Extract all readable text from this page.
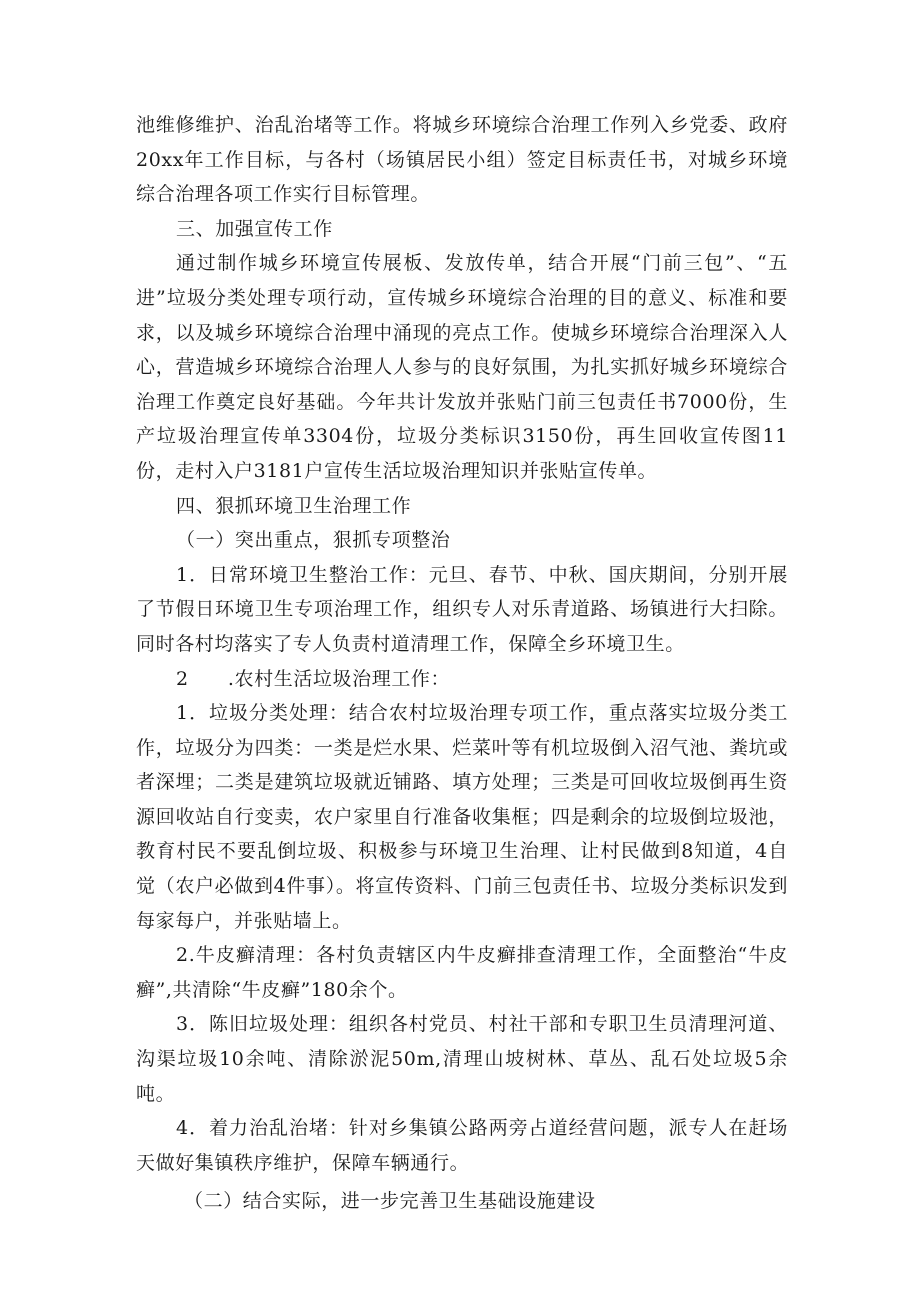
池维修维护、治乱治堵等工作。将城乡环境综合治理工作列入乡党委、政府20xx年工作目标，与各村（场镇居民小组）签定目标责任书，对城乡环境综合治理各项工作实行目标管理。

三、加强宣传工作

通过制作城乡环境宣传展板、发放传单，结合开展“门前三包”、“五进”垃圾分类处理专项行动，宣传城乡环境综合治理的目的意义、标准和要求，以及城乡环境综合治理中涌现的亮点工作。使城乡环境综合治理深入人心，营造城乡环境综合治理人人参与的良好氛围，为扎实抓好城乡环境综合治理工作奠定良好基础。今年共计发放并张贴门前三包责任书7000份，生产垃圾治理宣传单3304份，垃圾分类标识3150份，再生回收宣传图11份，走村入户3181户宣传生活垃圾治理知识并张贴宣传单。

四、狠抓环境卫生治理工作

（一）突出重点，狠抓专项整治

1．日常环境卫生整治工作：元旦、春节、中秋、国庆期间，分别开展了节假日环境卫生专项治理工作，组织专人对乐青道路、场镇进行大扫除。同时各村均落实了专人负责村道清理工作，保障全乡环境卫生。

2　　.农村生活垃圾治理工作：

1．垃圾分类处理：结合农村垃圾治理专项工作，重点落实垃圾分类工作，垃圾分为四类：一类是烂水果、烂菜叶等有机垃圾倒入沼气池、粪坑或者深埋；二类是建筑垃圾就近铺路、填方处理；三类是可回收垃圾倒再生资源回收站自行变卖，农户家里自行准备收集框；四是剩余的垃圾倒垃圾池，教育村民不要乱倒垃圾、积极参与环境卫生治理、让村民做到8知道，4自觉（农户必做到4件事）。将宣传资料、门前三包责任书、垃圾分类标识发到每家每户，并张贴墙上。

2.牛皮癣清理：各村负责辖区内牛皮癣排查清理工作，全面整治“牛皮癣”,共清除“牛皮癣”180余个。

3．陈旧垃圾处理：组织各村党员、村社干部和专职卫生员清理河道、沟渠垃圾10余吨、清除淤泥50m,清理山坡树林、草丛、乱石处垃圾5余吨。

4．着力治乱治堵：针对乡集镇公路两旁占道经营问题，派专人在赶场天做好集镇秩序维护，保障车辆通行。

（二）结合实际，进一步完善卫生基础设施建设
